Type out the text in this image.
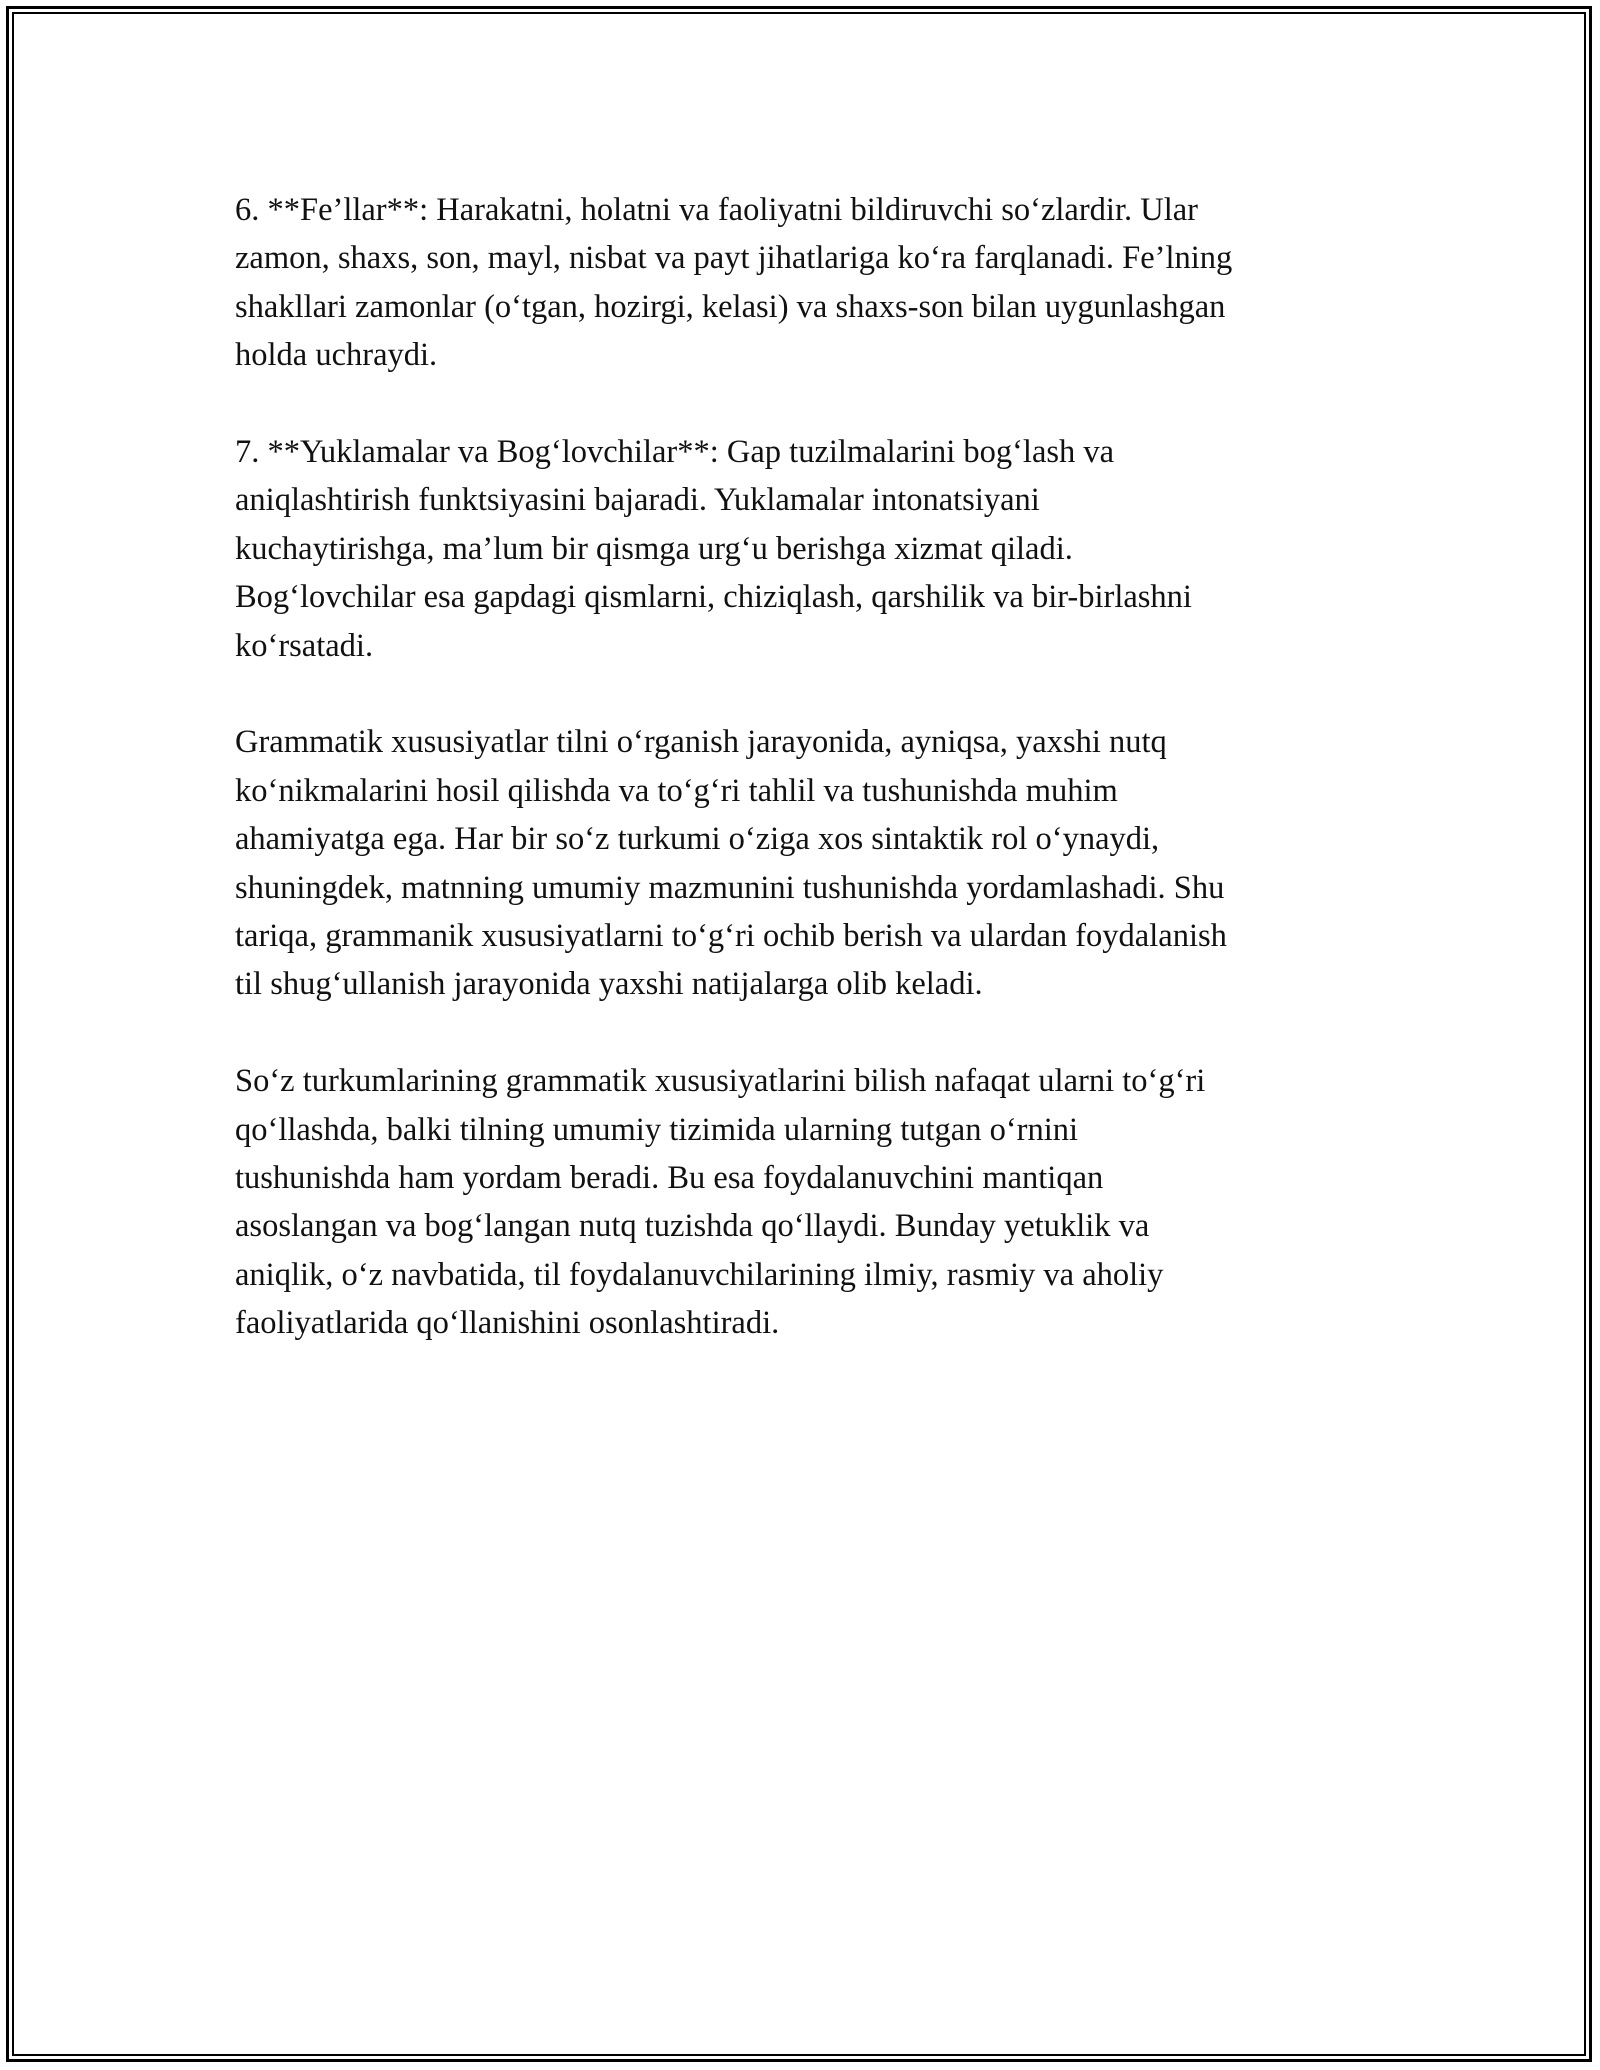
6. **Fe’llar**: Harakatni, holatni va faoliyatni bildiruvchi so‘zlardir. Ular
zamon, shaxs, son, mayl, nisbat va payt jihatlariga ko‘ra farqlanadi. Fe’lning
shakllari zamonlar (o‘tgan, hozirgi, kelasi) va shaxs-son bilan uygunlashgan
holda uchraydi.

7. **Yuklamalar va Bog‘lovchilar**: Gap tuzilmalarini bog‘lash va
aniqlashtirish funktsiyasini bajaradi. Yuklamalar intonatsiyani
kuchaytirishga, ma’lum bir qismga urg‘u berishga xizmat qiladi.
Bog‘lovchilar esa gapdagi qismlarni, chiziqlash, qarshilik va bir-birlashni
ko‘rsatadi.

Grammatik xususiyatlar tilni o‘rganish jarayonida, ayniqsa, yaxshi nutq
ko‘nikmalarini hosil qilishda va to‘g‘ri tahlil va tushunishda muhim
ahamiyatga ega. Har bir so‘z turkumi o‘ziga xos sintaktik rol o‘ynaydi,
shuningdek, matnning umumiy mazmunini tushunishda yordamlashadi. Shu
tariqa, grammanik xususiyatlarni to‘g‘ri ochib berish va ulardan foydalanish
til shug‘ullanish jarayonida yaxshi natijalarga olib keladi.

So‘z turkumlarining grammatik xususiyatlarini bilish nafaqat ularni to‘g‘ri
qo‘llashda, balki tilning umumiy tizimida ularning tutgan o‘rnini
tushunishda ham yordam beradi. Bu esa foydalanuvchini mantiqan
asoslangan va bog‘langan nutq tuzishda qo‘llaydi. Bunday yetuklik va
aniqlik, o‘z navbatida, til foydalanuvchilarining ilmiy, rasmiy va aholiy
faoliyatlarida qo‘llanishini osonlashtiradi.
